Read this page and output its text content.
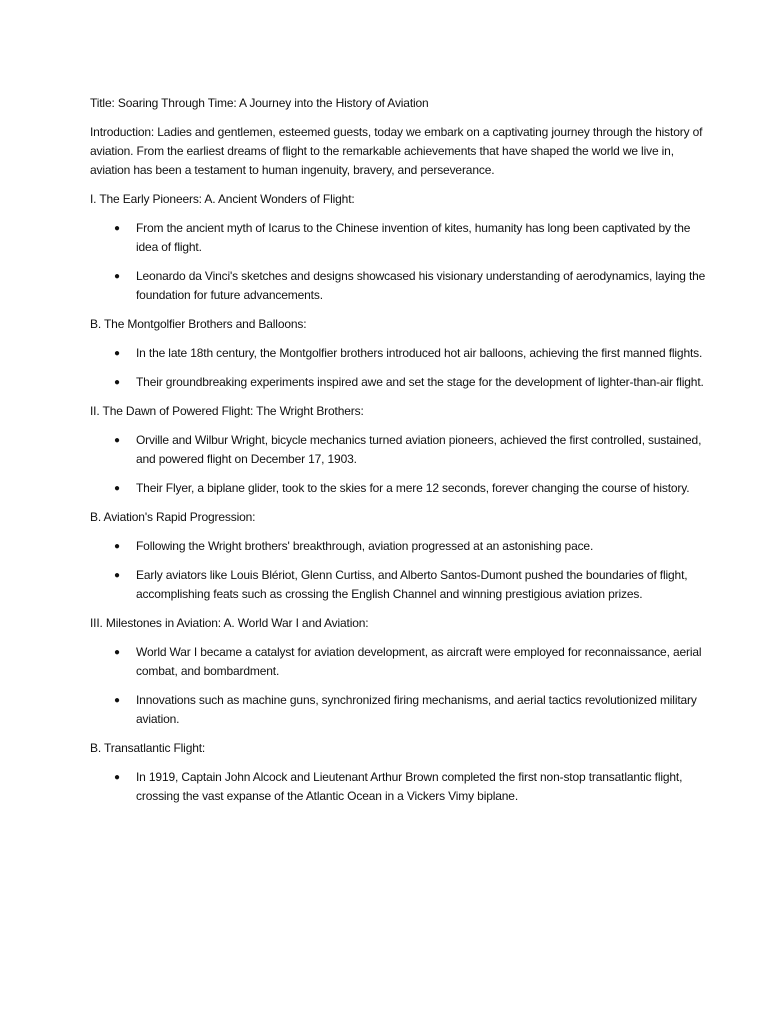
Title: Soaring Through Time: A Journey into the History of Aviation

Introduction: Ladies and gentlemen, esteemed guests, today we embark on a captivating journey through the history of aviation. From the earliest dreams of flight to the remarkable achievements that have shaped the world we live in, aviation has been a testament to human ingenuity, bravery, and perseverance.

I. The Early Pioneers: A. Ancient Wonders of Flight:

● From the ancient myth of Icarus to the Chinese invention of kites, humanity has long been captivated by the idea of flight.
● Leonardo da Vinci's sketches and designs showcased his visionary understanding of aerodynamics, laying the foundation for future advancements.

B. The Montgolfier Brothers and Balloons:

● In the late 18th century, the Montgolfier brothers introduced hot air balloons, achieving the first manned flights.
● Their groundbreaking experiments inspired awe and set the stage for the development of lighter-than-air flight.

II. The Dawn of Powered Flight: The Wright Brothers:

● Orville and Wilbur Wright, bicycle mechanics turned aviation pioneers, achieved the first controlled, sustained, and powered flight on December 17, 1903.
● Their Flyer, a biplane glider, took to the skies for a mere 12 seconds, forever changing the course of history.

B. Aviation's Rapid Progression:

● Following the Wright brothers' breakthrough, aviation progressed at an astonishing pace.
● Early aviators like Louis Blériot, Glenn Curtiss, and Alberto Santos-Dumont pushed the boundaries of flight, accomplishing feats such as crossing the English Channel and winning prestigious aviation prizes.

III. Milestones in Aviation: A. World War I and Aviation:

● World War I became a catalyst for aviation development, as aircraft were employed for reconnaissance, aerial combat, and bombardment.
● Innovations such as machine guns, synchronized firing mechanisms, and aerial tactics revolutionized military aviation.

B. Transatlantic Flight:

● In 1919, Captain John Alcock and Lieutenant Arthur Brown completed the first non-stop transatlantic flight, crossing the vast expanse of the Atlantic Ocean in a Vickers Vimy biplane.
